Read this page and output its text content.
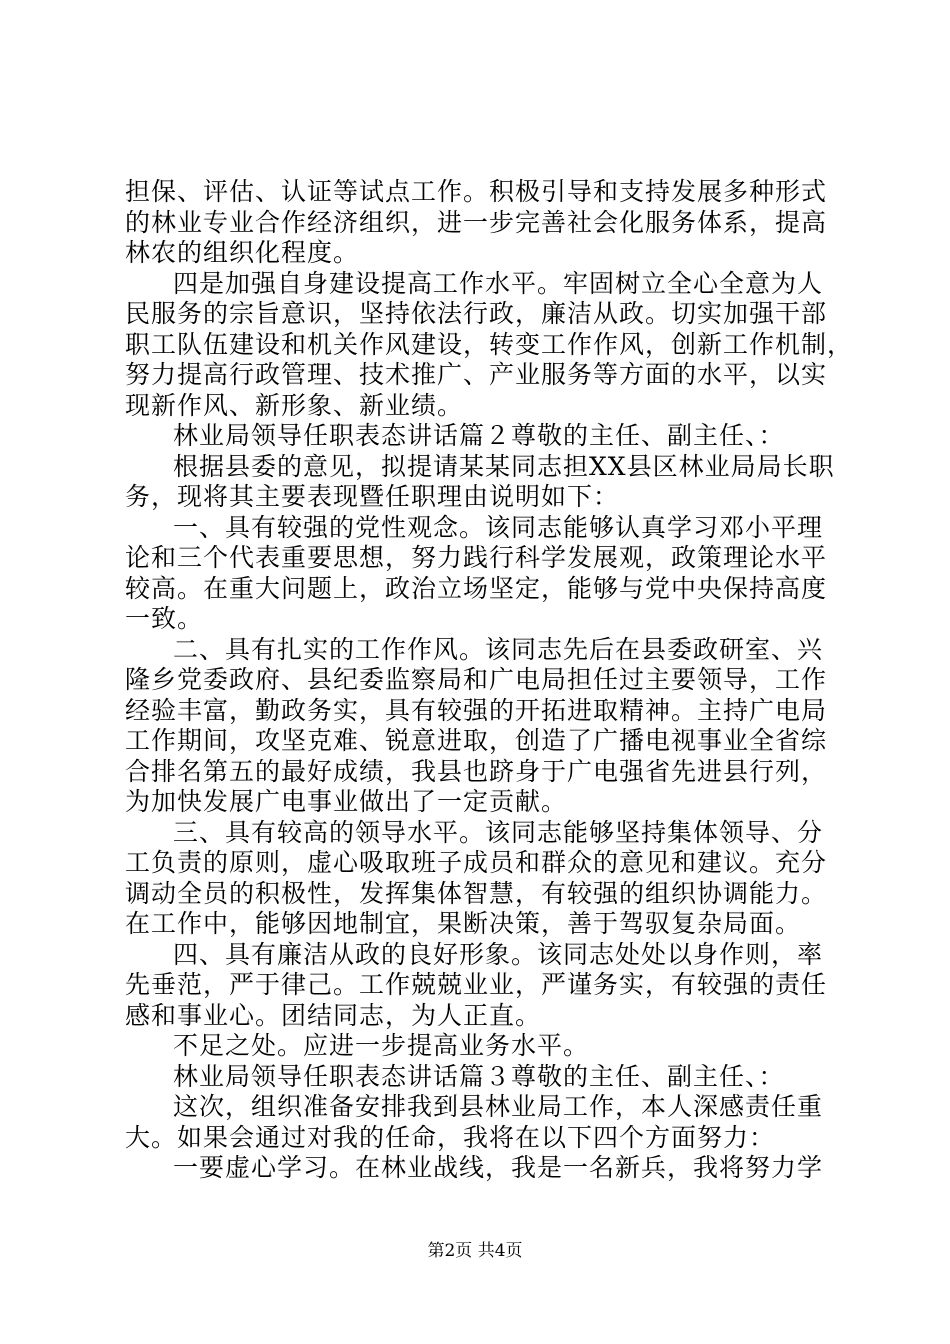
担保、评估、认证等试点工作。积极引导和支持发展多种形式
的林业专业合作经济组织，进一步完善社会化服务体系，提高
林农的组织化程度。
四是加强自身建设提高工作水平。牢固树立全心全意为人
民服务的宗旨意识，坚持依法行政，廉洁从政。切实加强干部
职工队伍建设和机关作风建设，转变工作作风，创新工作机制，
努力提高行政管理、技术推广、产业服务等方面的水平，以实
现新作风、新形象、新业绩。
林业局领导任职表态讲话篇２尊敬的主任、副主任、：
根据县委的意见，拟提请某某同志担XX县区林业局局长职
务，现将其主要表现暨任职理由说明如下：
一、具有较强的党性观念。该同志能够认真学习邓小平理
论和三个代表重要思想，努力践行科学发展观，政策理论水平
较高。在重大问题上，政治立场坚定，能够与党中央保持高度
一致。
二、具有扎实的工作作风。该同志先后在县委政研室、兴
隆乡党委政府、县纪委监察局和广电局担任过主要领导，工作
经验丰富，勤政务实，具有较强的开拓进取精神。主持广电局
工作期间，攻坚克难、锐意进取，创造了广播电视事业全省综
合排名第五的最好成绩，我县也跻身于广电强省先进县行列，
为加快发展广电事业做出了一定贡献。
三、具有较高的领导水平。该同志能够坚持集体领导、分
工负责的原则，虚心吸取班子成员和群众的意见和建议。充分
调动全员的积极性，发挥集体智慧，有较强的组织协调能力。
在工作中，能够因地制宜，果断决策，善于驾驭复杂局面。
四、具有廉洁从政的良好形象。该同志处处以身作则，率
先垂范，严于律己。工作兢兢业业，严谨务实，有较强的责任
感和事业心。团结同志，为人正直。
不足之处。应进一步提高业务水平。
林业局领导任职表态讲话篇３尊敬的主任、副主任、：
这次，组织准备安排我到县林业局工作，本人深感责任重
大。如果会通过对我的任命，我将在以下四个方面努力：
一要虚心学习。在林业战线，我是一名新兵，我将努力学
第2页 共4页
